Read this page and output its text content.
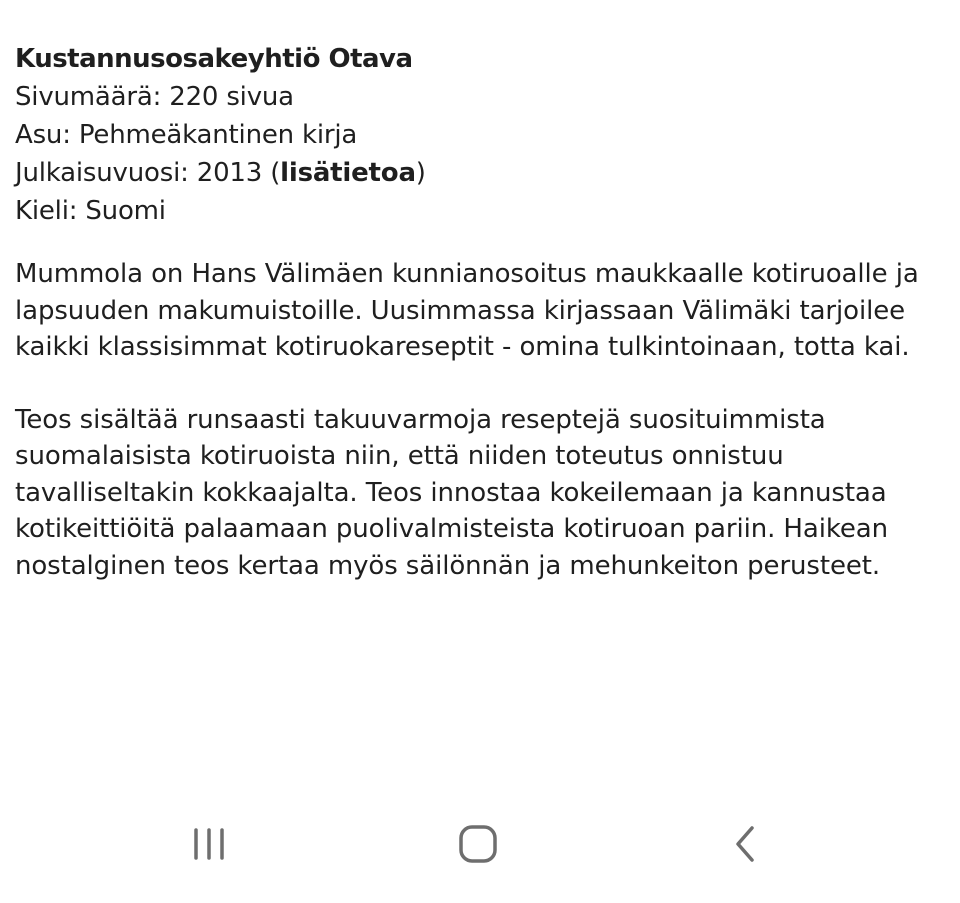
Kustannusosakeyhtiö Otava
Sivumäärä: 220 sivua
Asu: Pehmeäkantinen kirja
Julkaisuvuosi: 2013 (lisätietoa)
Kieli: Suomi

Mummola on Hans Välimäen kunnianosoitus maukkaalle kotiruoalle ja lapsuuden makumuistoille. Uusimmassa kirjassaan Välimäki tarjoilee kaikki klassisimmat kotiruokareseptit - omina tulkintoinaan, totta kai.

Teos sisältää runsaasti takuuvarmoja reseptejä suosituimmista suomalaisista kotiruoista niin, että niiden toteutus onnistuu tavalliseltakin kokkaajalta. Teos innostaa kokeilemaan ja kannustaa kotikeittiöitä palaamaan puolivalmisteista kotiruoan pariin. Haikean nostalginen teos kertaa myös säilönnän ja mehunkeiton perusteet.
